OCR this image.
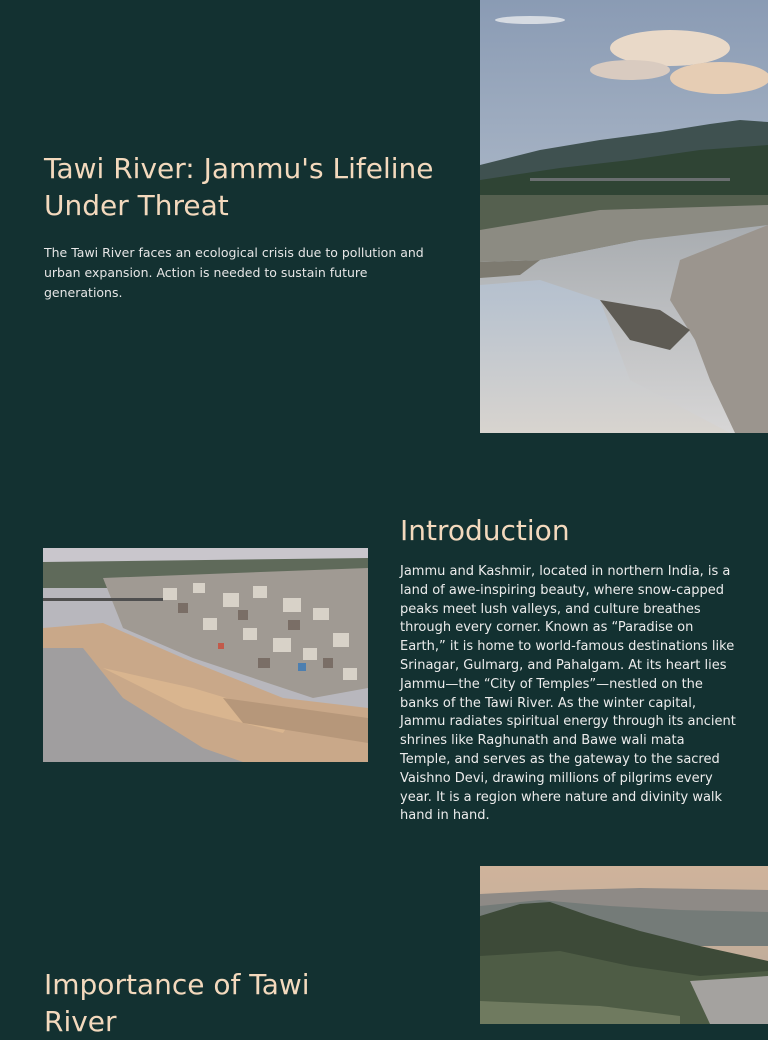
Tawi River: Jammu's Lifeline Under Threat

The Tawi River faces an ecological crisis due to pollution and urban expansion. Action is needed to sustain future generations.

Introduction

Jammu and Kashmir, located in northern India, is a land of awe-inspiring beauty, where snow-capped peaks meet lush valleys, and culture breathes through every corner. Known as “Paradise on Earth,” it is home to world-famous destinations like Srinagar, Gulmarg, and Pahalgam. At its heart lies Jammu—the “City of Temples”—nestled on the banks of the Tawi River. As the winter capital, Jammu radiates spiritual energy through its ancient shrines like Raghunath and Bawe wali mata Temple, and serves as the gateway to the sacred Vaishno Devi, drawing millions of pilgrims every year. It is a region where nature and divinity walk hand in hand.

Importance of Tawi River
